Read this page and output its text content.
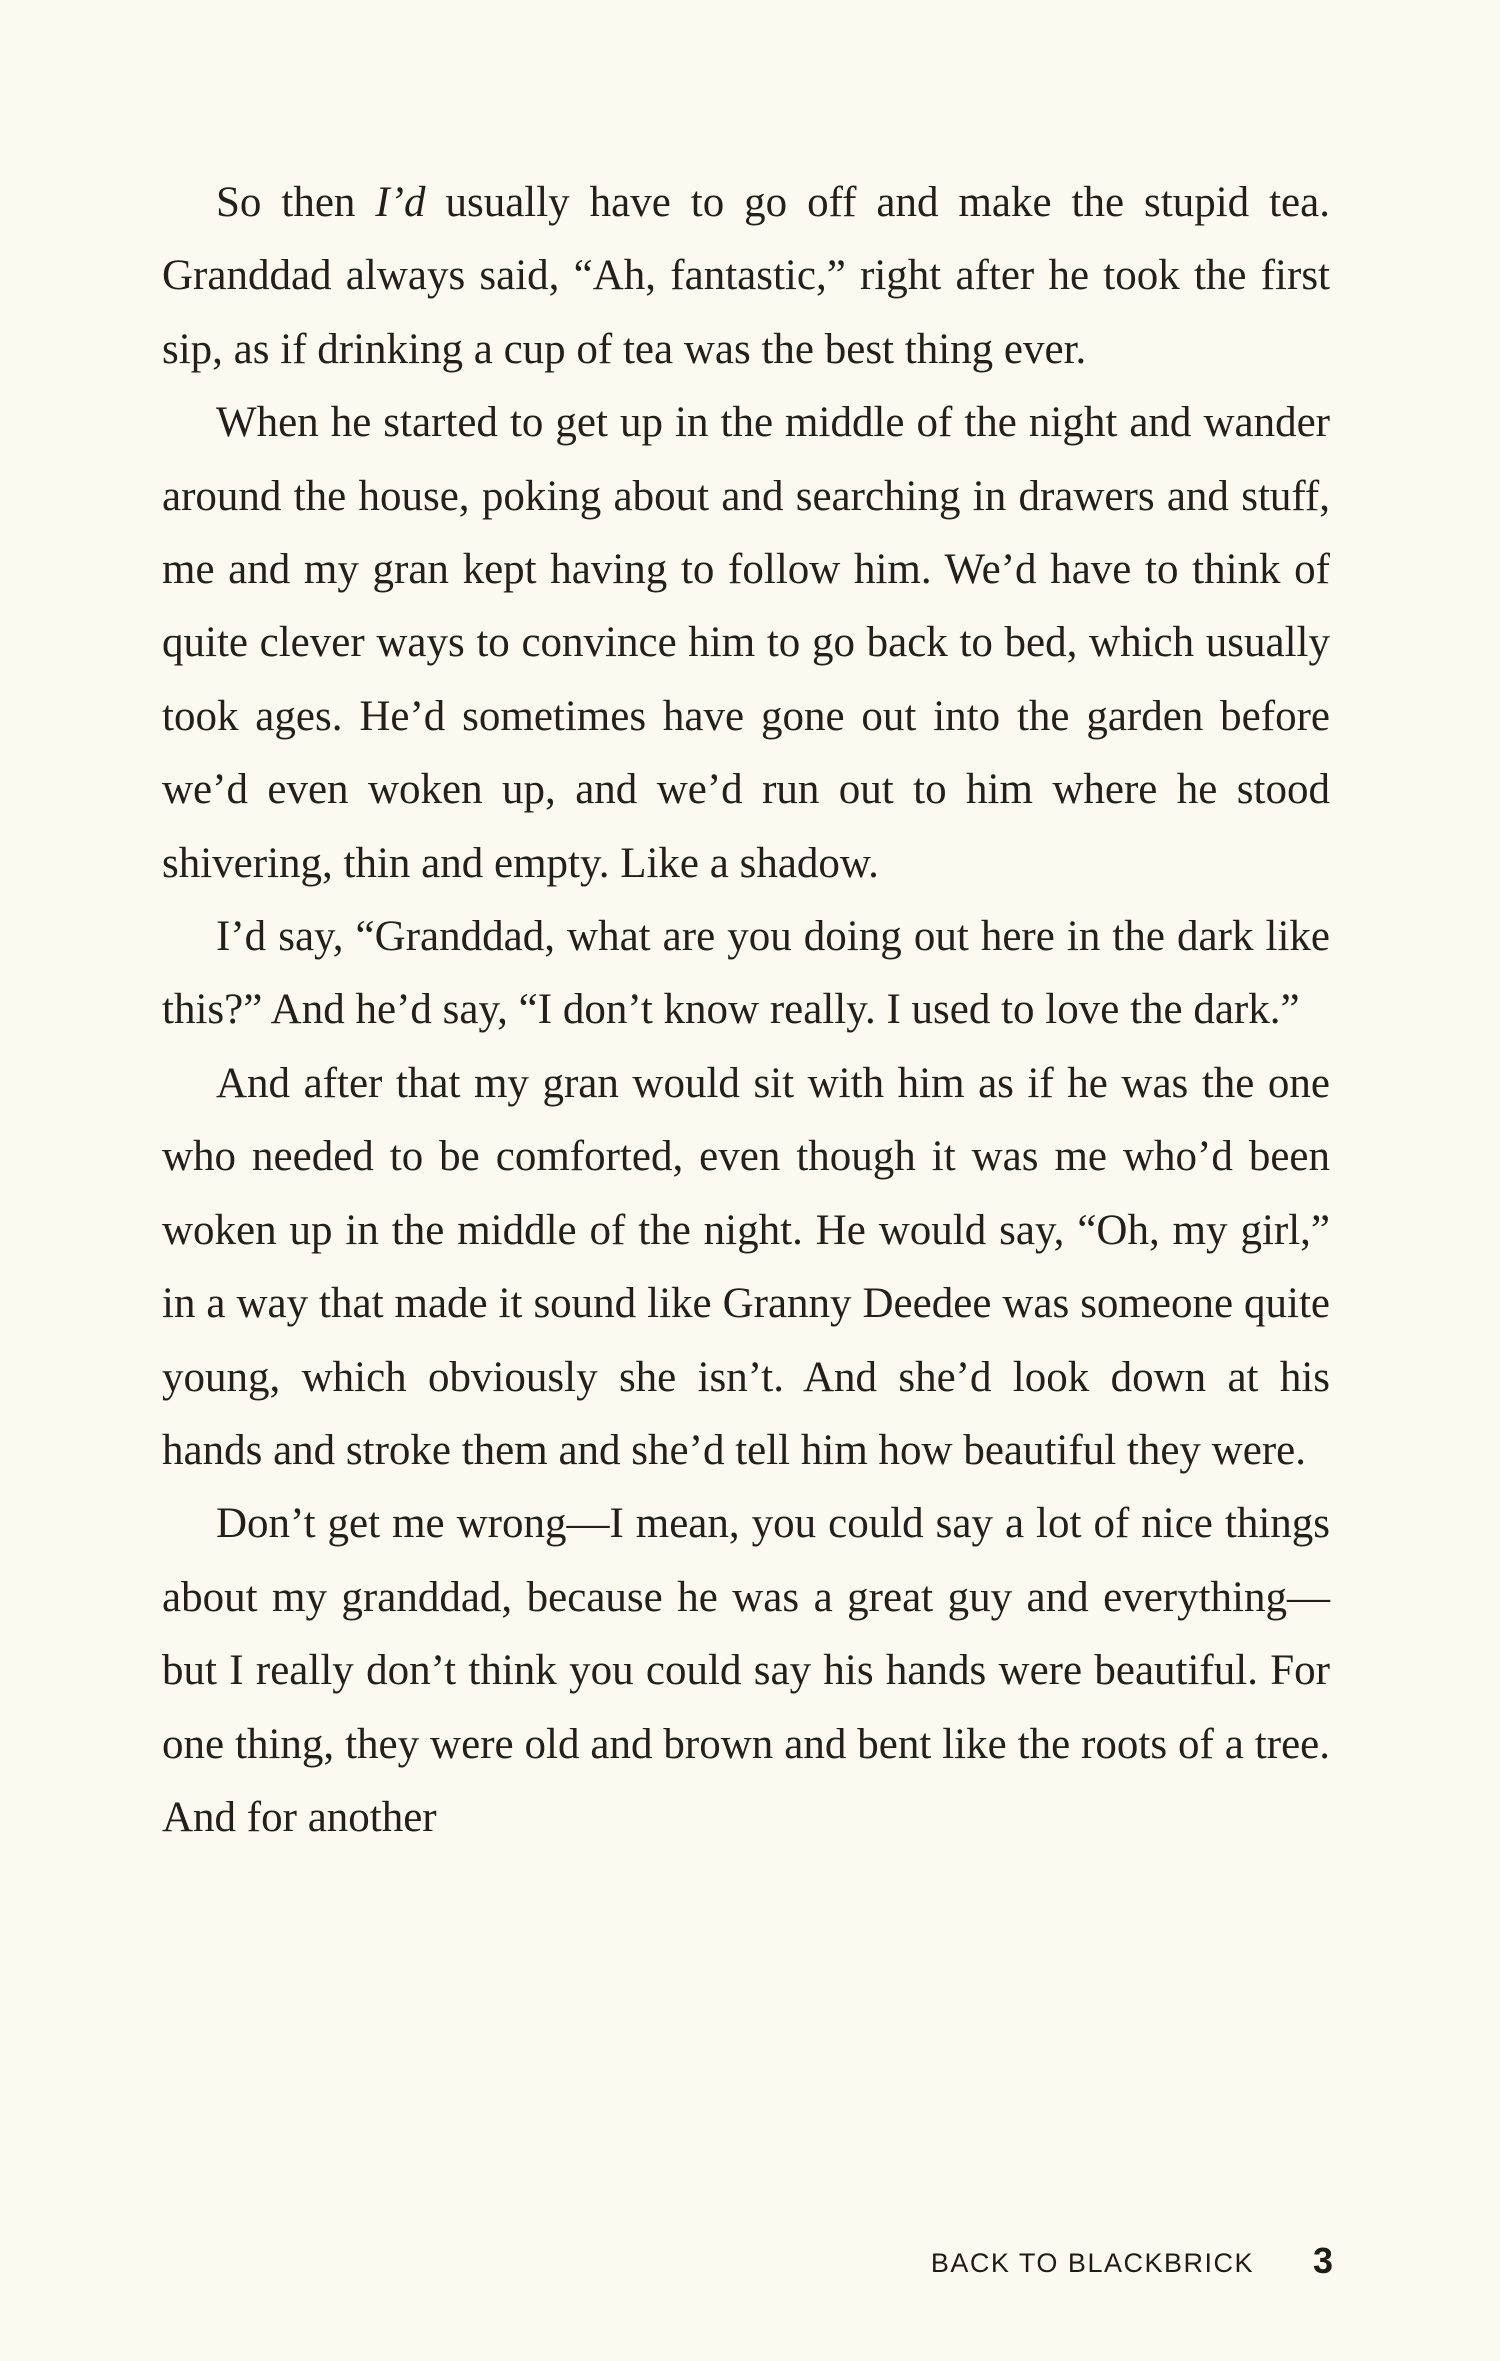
So then I’d usually have to go off and make the stupid tea. Granddad always said, “Ah, fantastic,” right after he took the first sip, as if drinking a cup of tea was the best thing ever.

When he started to get up in the middle of the night and wander around the house, poking about and searching in drawers and stuff, me and my gran kept having to follow him. We’d have to think of quite clever ways to convince him to go back to bed, which usually took ages. He’d sometimes have gone out into the garden before we’d even woken up, and we’d run out to him where he stood shivering, thin and empty. Like a shadow.

I’d say, “Granddad, what are you doing out here in the dark like this?” And he’d say, “I don’t know really. I used to love the dark.”

And after that my gran would sit with him as if he was the one who needed to be comforted, even though it was me who’d been woken up in the middle of the night. He would say, “Oh, my girl,” in a way that made it sound like Granny Deedee was someone quite young, which obviously she isn’t. And she’d look down at his hands and stroke them and she’d tell him how beautiful they were.

Don’t get me wrong—I mean, you could say a lot of nice things about my granddad, because he was a great guy and everything—but I really don’t think you could say his hands were beautiful. For one thing, they were old and brown and bent like the roots of a tree. And for another

BACK TO BLACKBRICK 3
